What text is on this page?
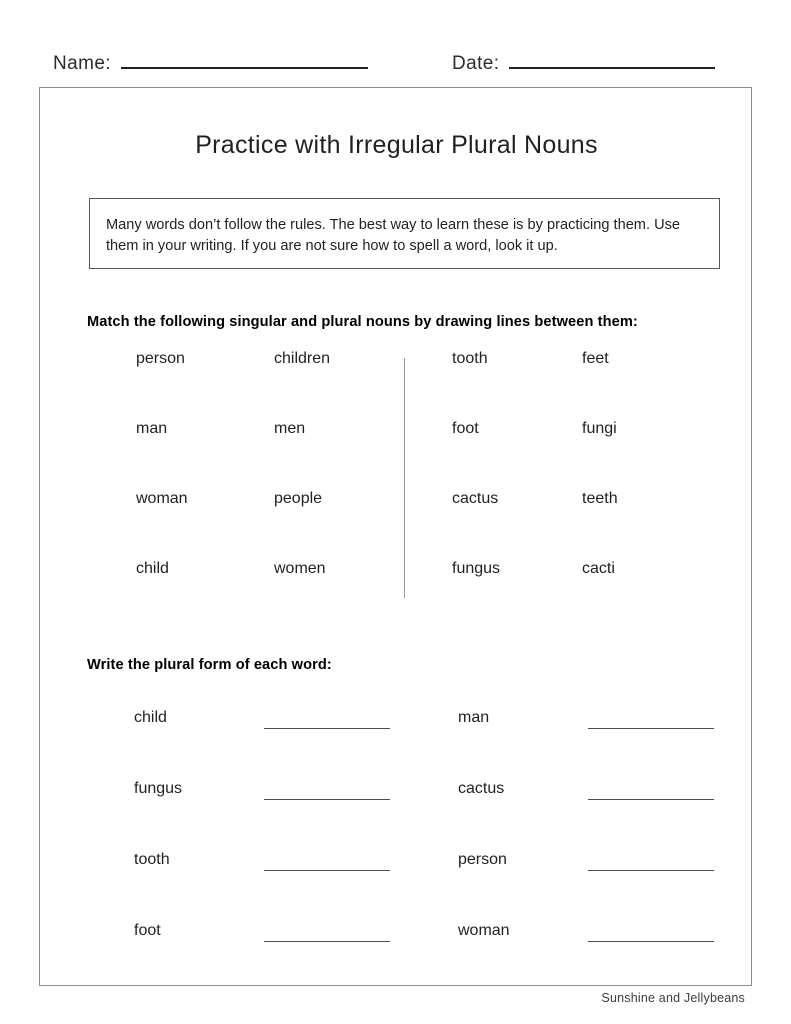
Name:	Date:
Practice with Irregular Plural Nouns
Many words don’t follow the rules. The best way to learn these is by practicing them. Use them in your writing. If you are not sure how to spell a word, look it up.
Match the following singular and plural nouns by drawing lines between them:
person	children
man	men
woman	people
child	women
tooth	feet
foot	fungi
cactus	teeth
fungus	cacti
Write the plural form of each word:
child
fungus
tooth
foot
man
cactus
person
woman
Sunshine and Jellybeans
